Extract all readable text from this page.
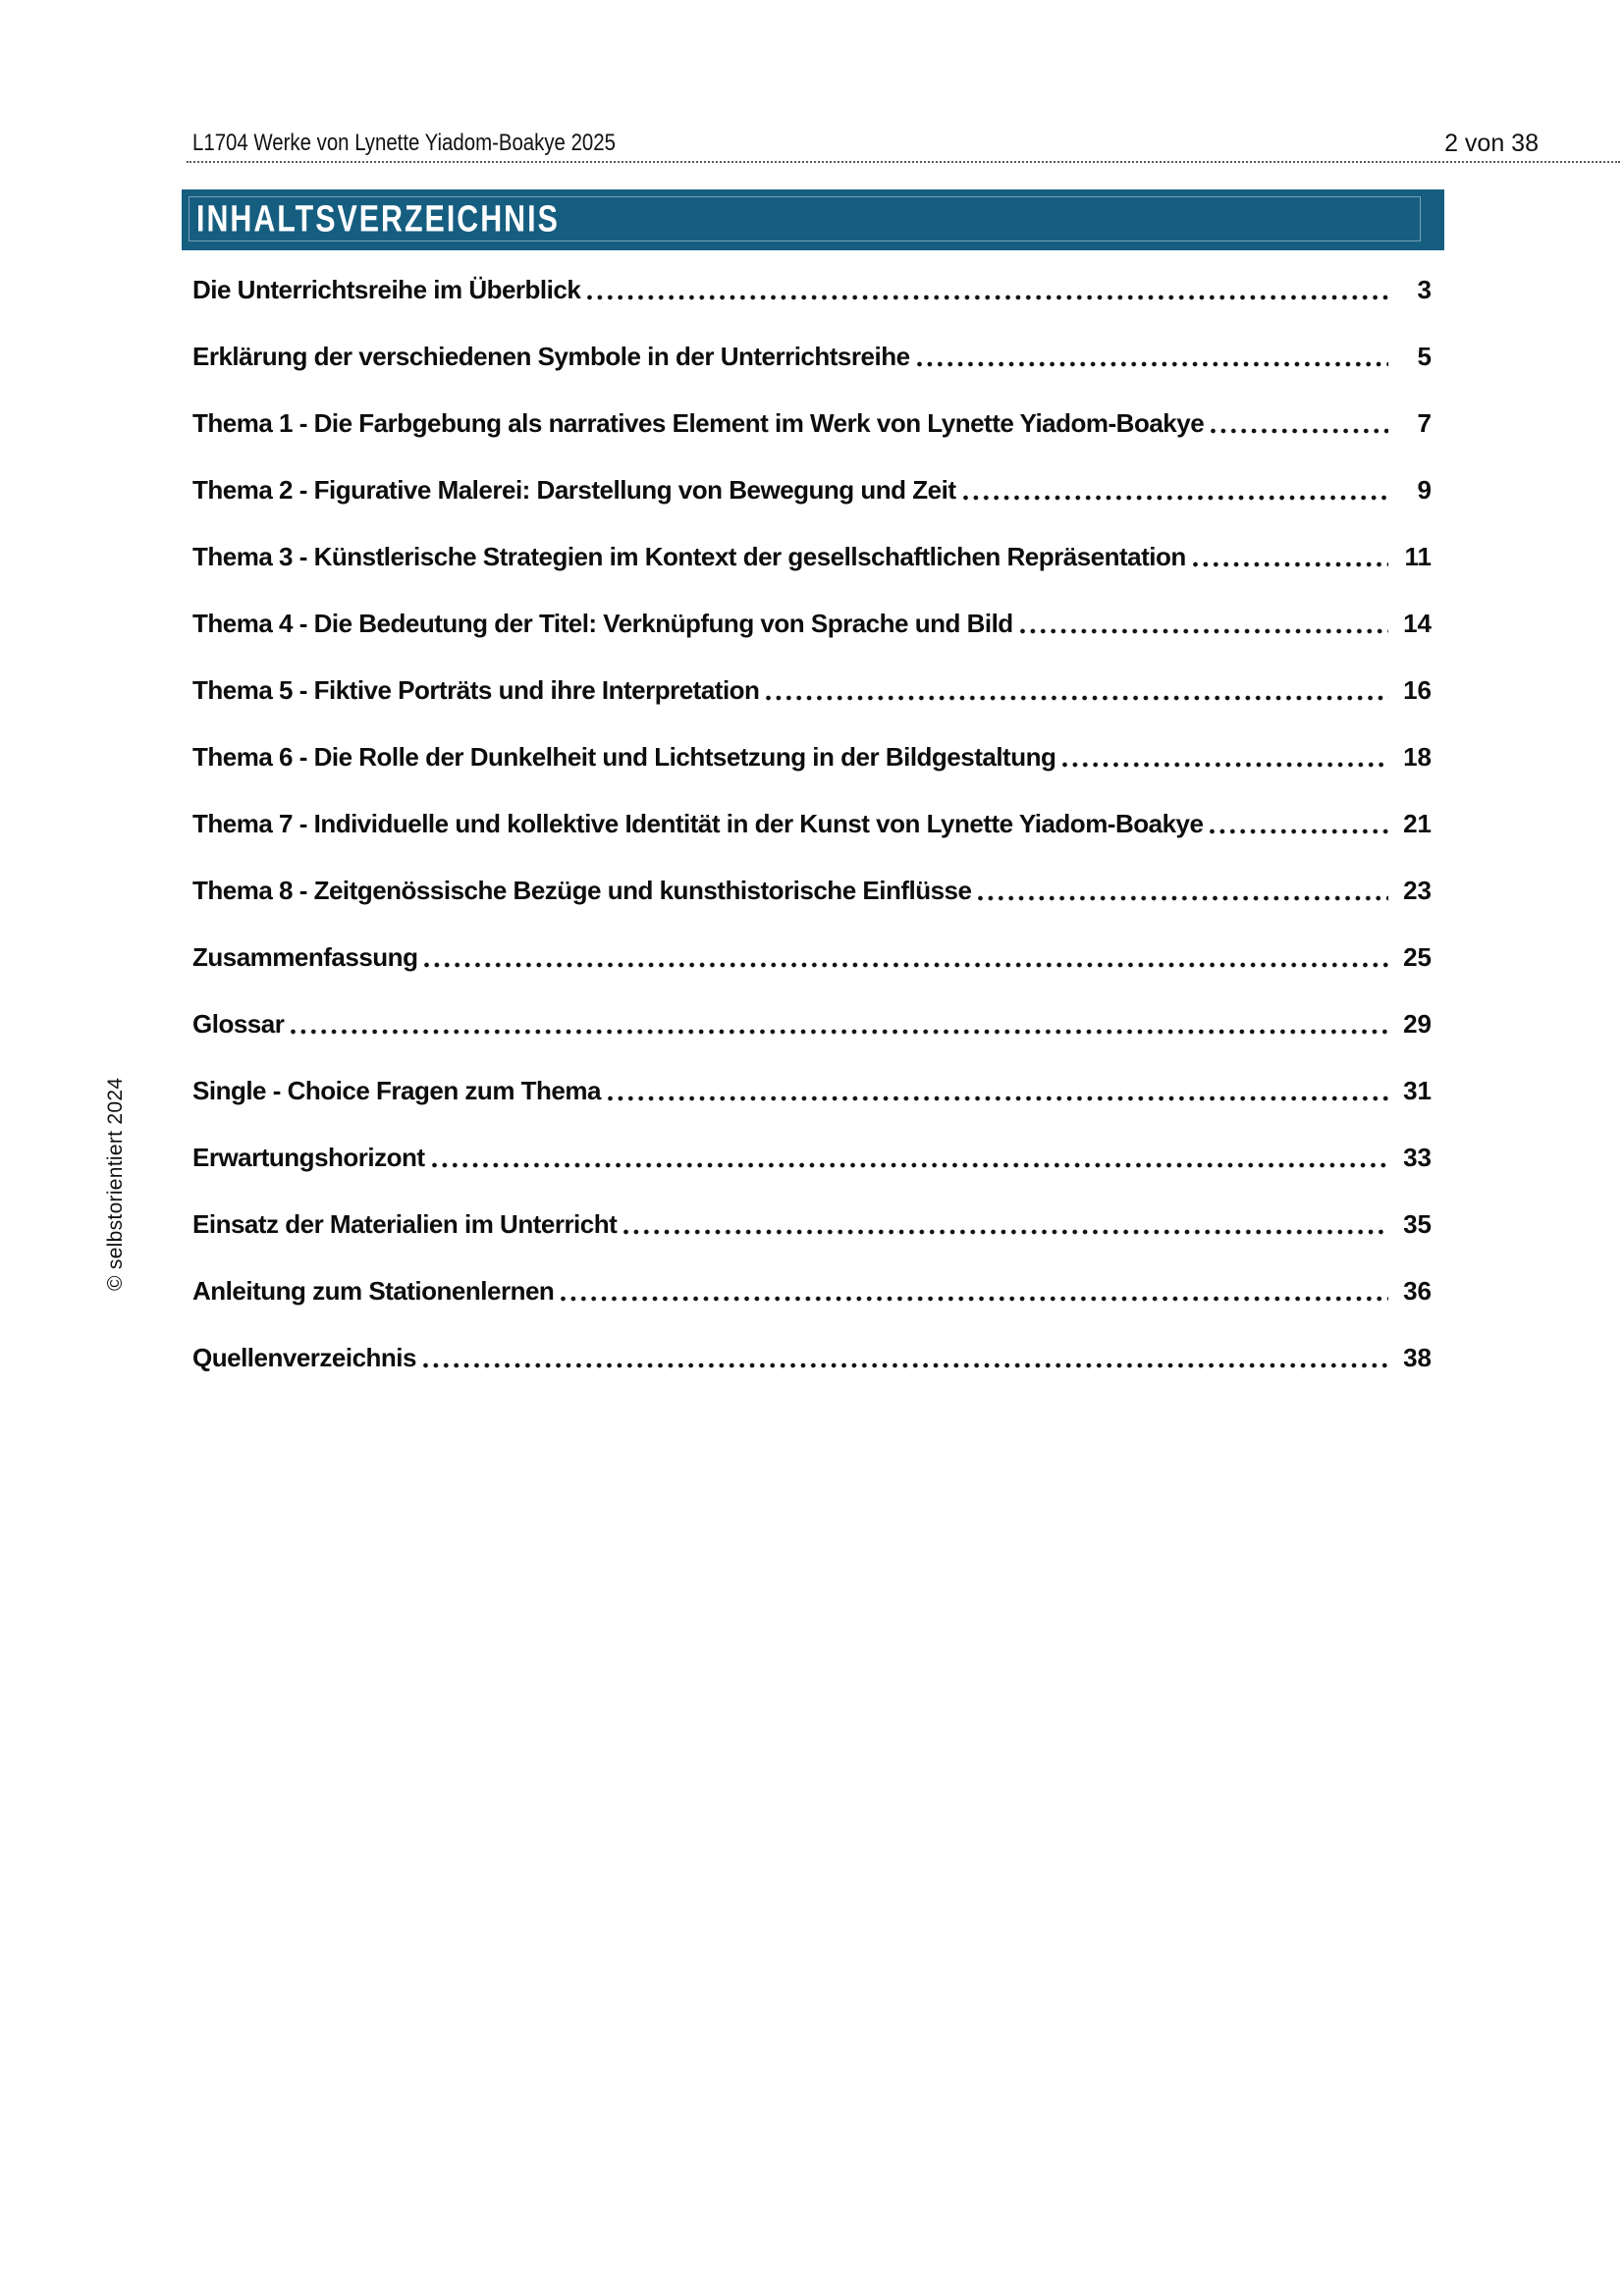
L1704 Werke von Lynette Yiadom-Boakye 2025	2 von 38
INHALTSVERZEICHNIS
Die Unterrichtsreihe im Überblick	3
Erklärung der verschiedenen Symbole in der Unterrichtsreihe	5
Thema 1 - Die Farbgebung als narratives Element im Werk von Lynette Yiadom-Boakye	7
Thema 2 - Figurative Malerei: Darstellung von Bewegung und Zeit	9
Thema 3 - Künstlerische Strategien im Kontext der gesellschaftlichen Repräsentation	11
Thema 4 - Die Bedeutung der Titel: Verknüpfung von Sprache und Bild	14
Thema 5 - Fiktive Porträts und ihre Interpretation	16
Thema 6 - Die Rolle der Dunkelheit und Lichtsetzung in der Bildgestaltung	18
Thema 7 - Individuelle und kollektive Identität in der Kunst von Lynette Yiadom-Boakye	21
Thema 8 - Zeitgenössische Bezüge und kunsthistorische Einflüsse	23
Zusammenfassung	25
Glossar	29
Single - Choice Fragen zum Thema	31
Erwartungshorizont	33
Einsatz der Materialien im Unterricht	35
Anleitung zum Stationenlernen	36
Quellenverzeichnis	38
© selbstorientiert 2024
